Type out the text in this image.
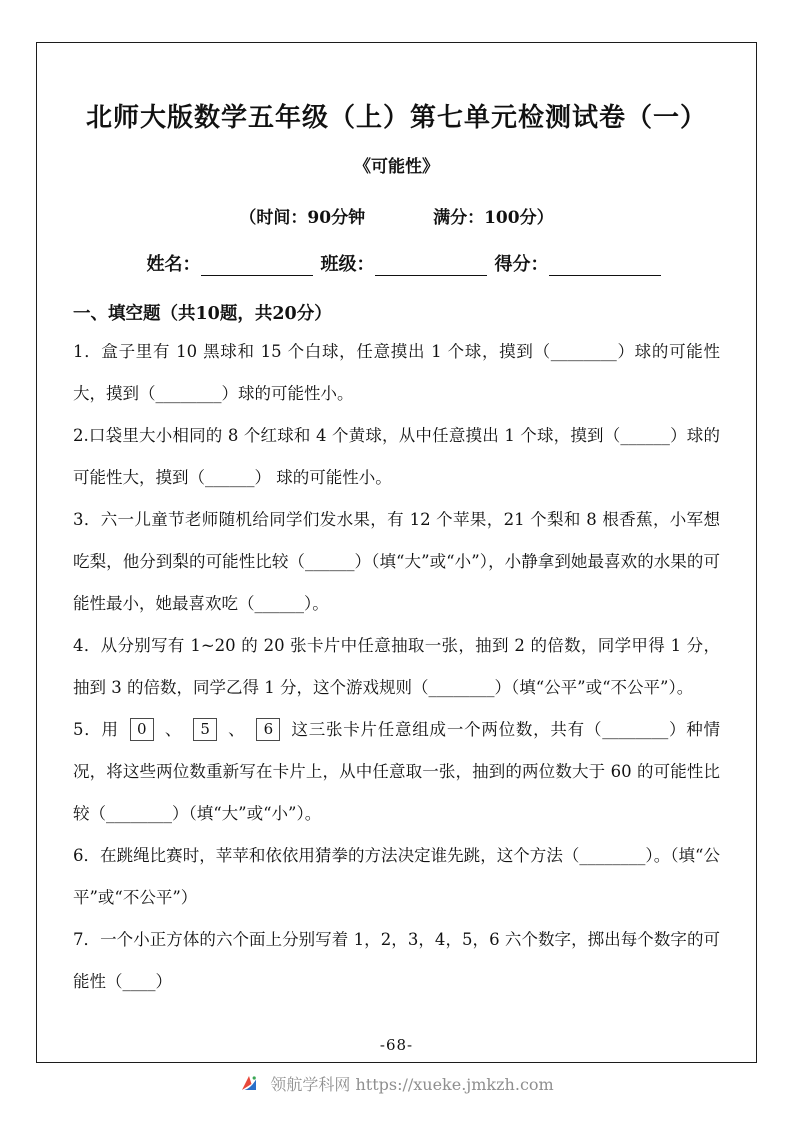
北师大版数学五年级（上）第七单元检测试卷（一）
《可能性》
（时间：90分钟　　　　满分：100分）
姓名：	班级：	得分：
一、填空题（共10题，共20分）

1．盒子里有 10 黑球和 15 个白球，任意摸出 1 个球，摸到（________）球的可能性大，摸到（________）球的可能性小。

2.口袋里大小相同的 8 个红球和 4 个黄球，从中任意摸出 1 个球，摸到（______）球的可能性大，摸到（______） 球的可能性小。

3．六一儿童节老师随机给同学们发水果，有 12 个苹果，21 个梨和 8 根香蕉，小军想吃梨，他分到梨的可能性比较（______）（填“大”或“小”），小静拿到她最喜欢的水果的可能性最小，她最喜欢吃（______）。

4．从分别写有 1~20 的 20 张卡片中任意抽取一张，抽到 2 的倍数，同学甲得 1 分，抽到 3 的倍数，同学乙得 1 分，这个游戏规则（________）（填“公平”或“不公平”）。

5．用 0 、 5 、 6 这三张卡片任意组成一个两位数，共有（________）种情况，将这些两位数重新写在卡片上，从中任意取一张，抽到的两位数大于 60 的可能性比较（________）（填“大”或“小”）。

6．在跳绳比赛时，苹苹和依依用猜拳的方法决定谁先跳，这个方法（________）。（填“公平”或“不公平”）

7．一个小正方体的六个面上分别写着 1，2，3，4，5，6 六个数字，掷出每个数字的可能性（____）

-68-
领航学科网 https://xueke.jmkzh.com
